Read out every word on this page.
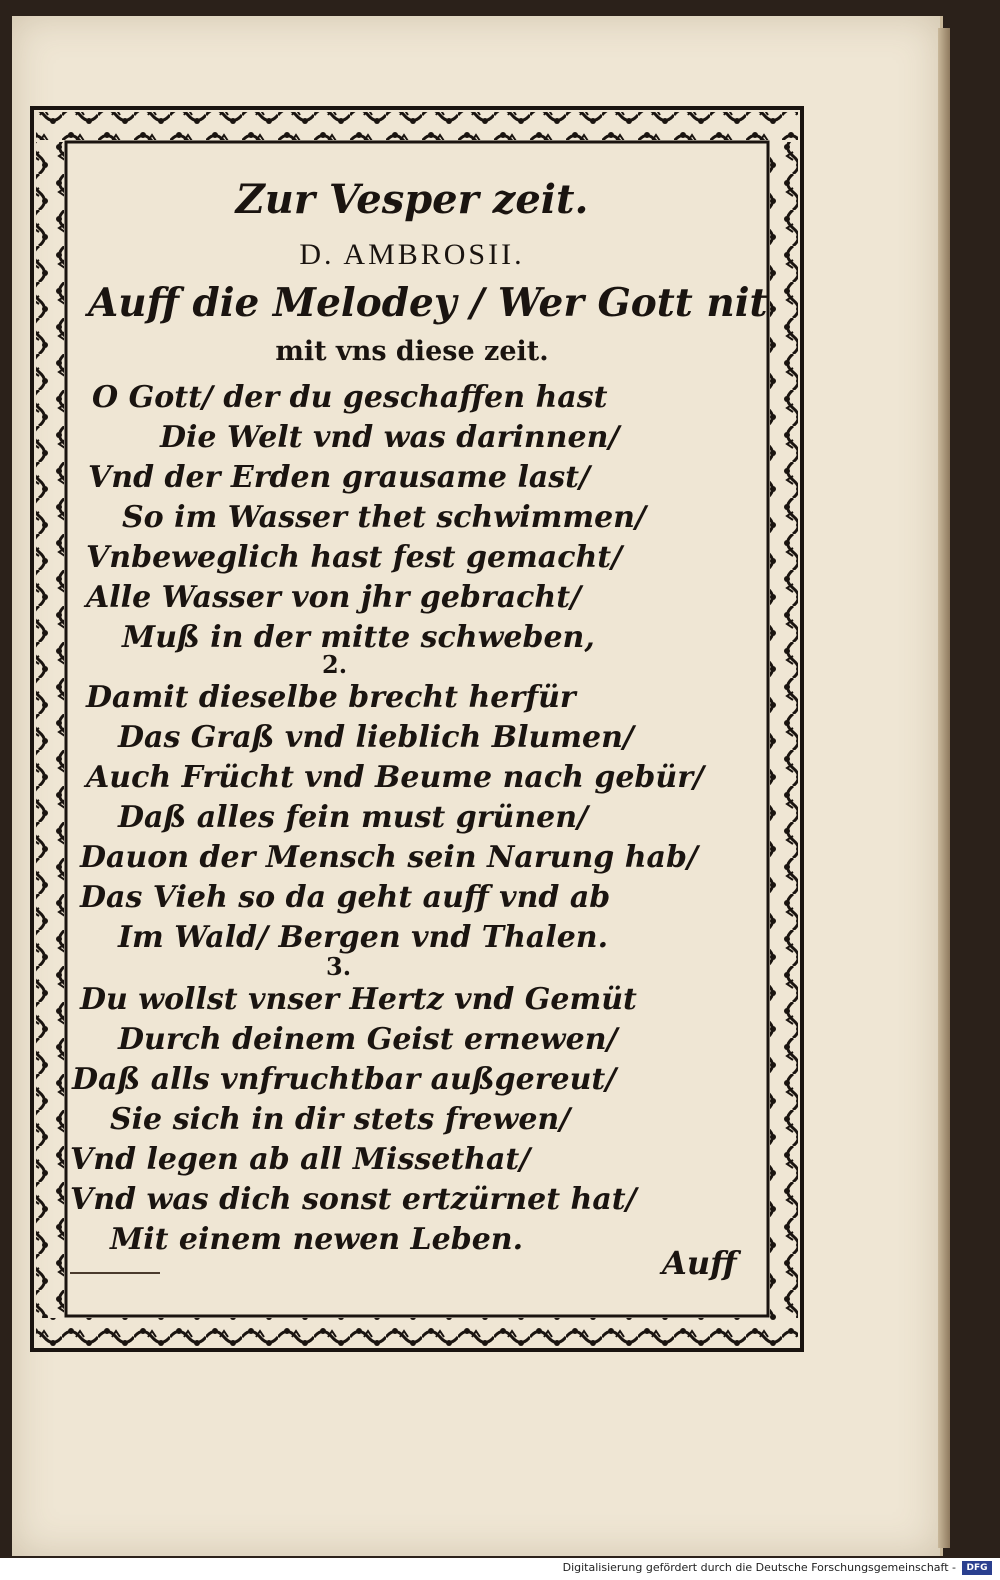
Zur Vesper zeit.
D. AMBROSII.
Auff die Melodey / Wer Gott nit
mit vns diese zeit.
O Gott/ der du geschaffen hast
Die Welt vnd was darinnen/
Vnd der Erden grausame last/
So im Wasser thet schwimmen/
Vnbeweglich hast fest gemacht/
Alle Wasser von jhr gebracht/
Muß in der mitte schweben,
2.
Damit dieselbe brecht herfür
Das Graß vnd lieblich Blumen/
Auch Frücht vnd Beume nach gebür/
Daß alles fein must grünen/
Dauon der Mensch sein Narung hab/
Das Vieh so da geht auff vnd ab
Im Wald/ Bergen vnd Thalen.
3.
Du wollst vnser Hertz vnd Gemüt
Durch deinem Geist ernewen/
Daß alls vnfruchtbar außgereut/
Sie sich in dir stets frewen/
Vnd legen ab all Missethat/
Vnd was dich sonst ertzürnet hat/
Mit einem newen Leben.
Auff
Digitalisierung gefördert durch die Deutsche Forschungsgemeinschaft -	DFG
